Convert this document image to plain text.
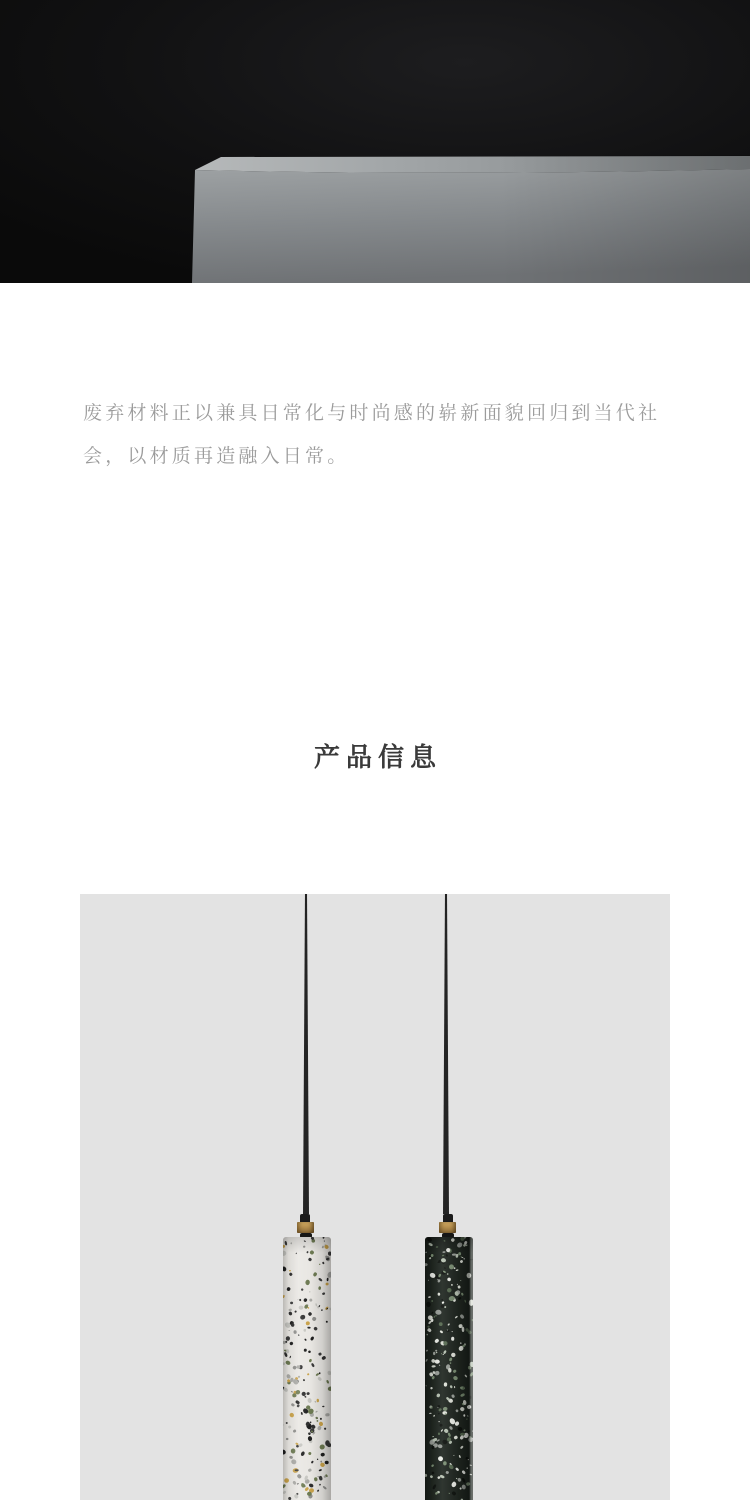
废弃材料正以兼具日常化与时尚感的崭新面貌回归到当代社
会，以材质再造融入日常。
产品信息
